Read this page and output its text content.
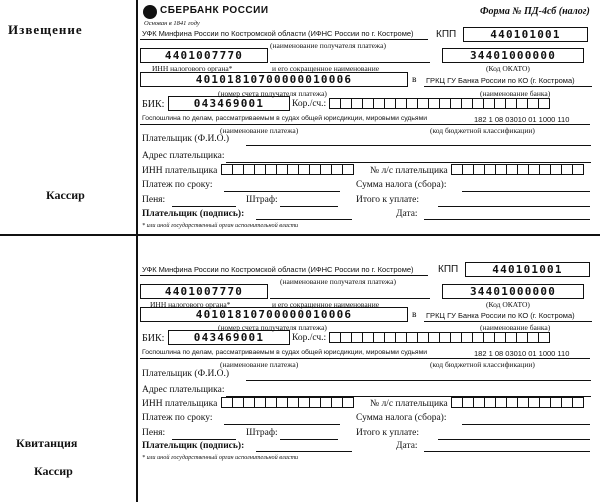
Извещение
Кассир
Квитанция
Кассир
СБЕРБАНК РОССИИ
Основан в 1841 году
Форма № ПД-4сб (налог)
УФК Минфина России по Костромской области (ИФНС России по г. Костроме)
(наименование получателя платежа)
КПП	440101001
4401007770	34401000000
ИНН налогового органа*	и его сокращенное наименование	(Код ОКАТО)
40101810700000010006	в ГРКЦ ГУ Банка России по КО (г. Кострома)
(номер счета получателя платежа)	(наименование банка)
БИК:	043469001	Кор./сч.:
Госпошлина по делам, рассматриваемым в судах общей юрисдикции, мировыми судьями	182 1 08 03010 01 1000 110
(наименование платежа)	(код бюджетной классификации)
Плательщик (Ф.И.О.)
Адрес плательщика:
ИНН плательщика	№ л/с плательщика
Платеж по сроку:	Сумма налога (сбора):
Пеня:	Штраф:	Итого к уплате:
Плательщик (подпись):	Дата:
* или иной государственный орган исполнительной власти
УФК Минфина России по Костромской области (ИФНС России по г. Костроме)
(наименование получателя платежа)
КПП	440101001
4401007770	34401000000
ИНН налогового органа*	и его сокращенное наименование	(Код ОКАТО)
40101810700000010006	в ГРКЦ ГУ Банка России по КО (г. Кострома)
(номер счета получателя платежа)	(наименование банка)
БИК:	043469001	Кор./сч.:
Госпошлина по делам, рассматриваемым в судах общей юрисдикции, мировыми судьями	182 1 08 03010 01 1000 110
(наименование платежа)	(код бюджетной классификации)
Плательщик (Ф.И.О.)
Адрес плательщика:
ИНН плательщика	№ л/с плательщика
Платеж по сроку:	Сумма налога (сбора):
Пеня:	Штраф:	Итого к уплате:
Плательщик (подпись):	Дата:
* или иной государственный орган исполнительной власти
